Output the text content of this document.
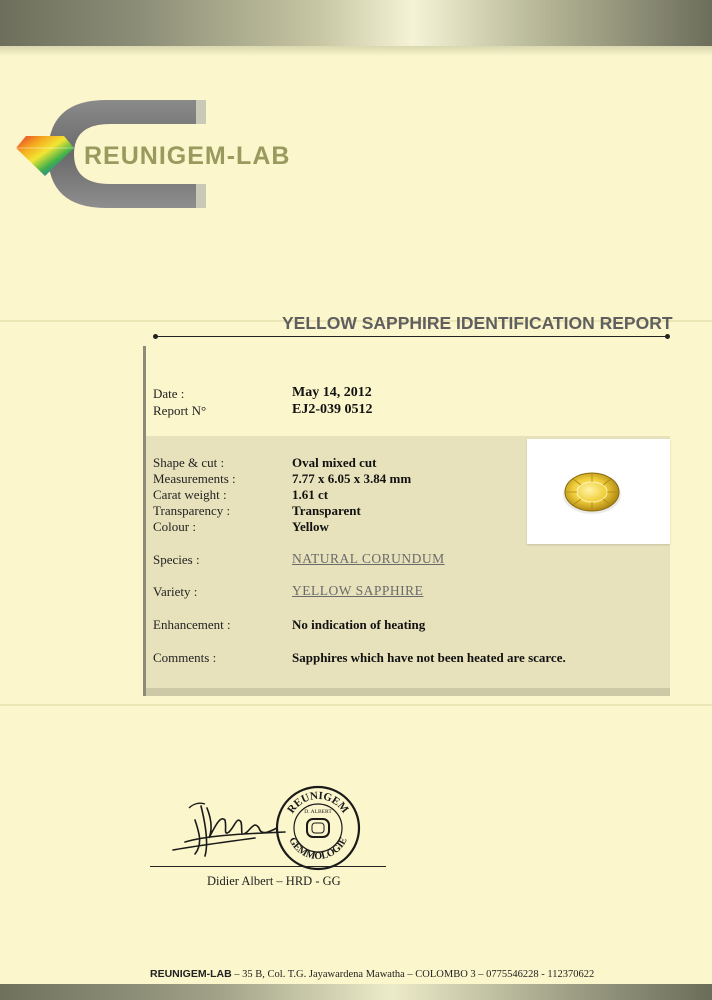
REUNIGEM-LAB
YELLOW SAPPHIRE IDENTIFICATION REPORT
Date :	May 14, 2012
Report N°	EJ2-039 0512
Shape & cut :	Oval mixed cut
Measurements :	7.77 x 6.05 x 3.84 mm
Carat weight :	1.61 ct
Transparency :	Transparent
Colour :	Yellow
Species :	NATURAL CORUNDUM
Variety :	YELLOW SAPPHIRE
Enhancement :	No indication of heating
Comments :	Sapphires which have not been heated are scarce.
REUNIGEM
GEMMOLOGIE
D. ALBERT
Didier Albert – HRD - GG
REUNIGEM-LAB – 35 B, Col. T.G. Jayawardena Mawatha – COLOMBO 3 – 0775546228 - 112370622
